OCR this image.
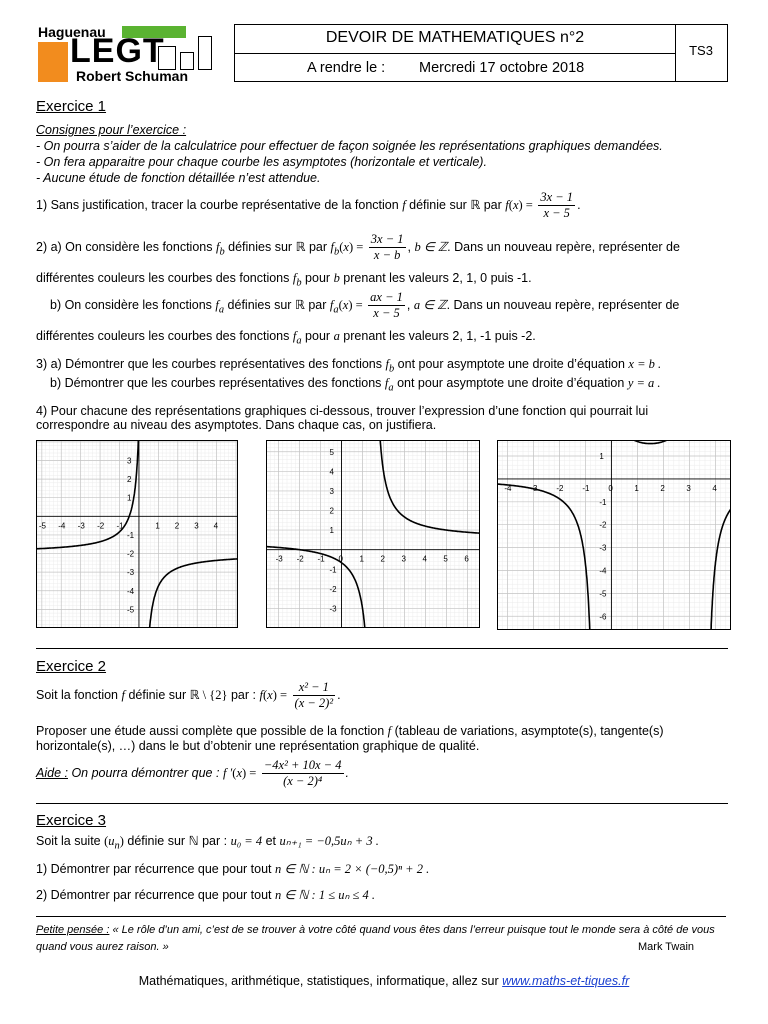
Haguenau
LEGT
Robert Schuman
DEVOIR DE MATHEMATIQUES n°2
A rendre le : Mercredi 17 octobre 2018
TS3
Exercice 1
Consignes pour l’exercice :
- On pourra s’aider de la calculatrice pour effectuer de façon soignée les représentations graphiques demandées.
- On fera apparaitre pour chaque courbe les asymptotes (horizontale et verticale).
- Aucune étude de fonction détaillée n’est attendue.
1) Sans justification, tracer la courbe représentative de la fonction f définie sur ℝ par $f(x) = \frac{3x - 1}{x - 5}$ .
2) a) On considère les fonctions $f_b$ définies sur ℝ par $f_b(x) = \frac{3x - 1}{x - b}$ , b ∈ ℤ. Dans un nouveau repère, représenter de
différentes couleurs les courbes des fonctions $f_b$ pour b prenant les valeurs 2, 1, 0 puis -1.
b) On considère les fonctions $f_a$ définies sur ℝ par $f_a(x) = \frac{ax - 1}{x - 5}$ , a ∈ ℤ. Dans un nouveau repère, représenter de
différentes couleurs les courbes des fonctions $f_a$ pour a prenant les valeurs 2, 1, -1 puis -2.
3) a) Démontrer que les courbes représentatives des fonctions $f_b$ ont pour asymptote une droite d’équation x = b .
b) Démontrer que les courbes représentatives des fonctions $f_a$ ont pour asymptote une droite d’équation y = a .
4) Pour chacune des représentations graphiques ci-dessous, trouver l’expression d’une fonction qui pourrait lui
correspondre au niveau des asymptotes. Dans chaque cas, on justifiera.
-5 -4 -3 -2 -1	1 2 3 4
3
2
1
-1
-2
-3
-4
-5
-3 -2 -1 0 1 2 3 4 5 6
5
4
3
2
1
-1
-2
-3
-4 -3 -2 -1 0	1	2	3	4
1
-1
-2
-3
-4
-5
-6
Exercice 2
Soit la fonction f définie sur ℝ \ {2} par : $f(x) = \frac{\text{x² − 1}}{\text{(x − 2)²}}$ .
Proposer une étude aussi complète que possible de la fonction f (tableau de variations, asymptote(s), tangente(s)
horizontale(s), …) dans le but d’obtenir une représentation graphique de qualité.
Aide : On pourra démontrer que : f $'(x) = \frac{\text{−4x² + 10x − 4}}{\text{(x − 2)⁴}}$ .
Exercice 3
Soit la suite $(u_n)$ définie sur ℕ par : u₀ = 4 et uₙ₊₁ = −0,5uₙ + 3 .
1) Démontrer par récurrence que pour tout n ∈ ℕ : uₙ = 2 × (−0,5)ⁿ + 2 .
2) Démontrer par récurrence que pour tout n ∈ ℕ : 1 ≤ uₙ ≤ 4 .
Petite pensée : « Le rôle d’un ami, c’est de se trouver à votre côté quand vous êtes dans l’erreur puisque tout le monde sera à côté de vous
quand vous aurez raison. »	Mark Twain
Mathématiques, arithmétique, statistiques, informatique, allez sur www.maths-et-tiques.fr
